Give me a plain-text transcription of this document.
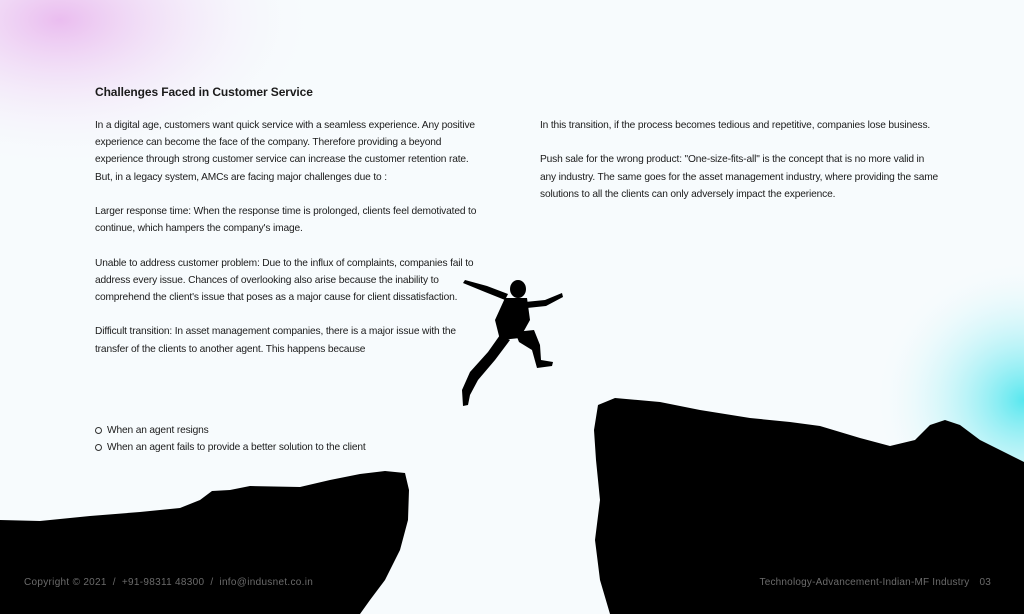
Challenges Faced in Customer Service

In a digital age, customers want quick service with a seamless experience. Any positive experience can become the face of the company. Therefore providing a beyond experience through strong customer service can increase the customer retention rate. But, in a legacy system, AMCs are facing major challenges due to :

Larger response time: When the response time is prolonged, clients feel demotivated to continue, which hampers the company's image.

Unable to address customer problem: Due to the influx of complaints, companies fail to address every issue. Chances of overlooking also arise because the inability to comprehend the client's issue that poses as a major cause for client dissatisfaction.

Difficult transition: In asset management companies, there is a major issue with the transfer of the clients to another agent. This happens because

When an agent resigns
When an agent fails to provide a better solution to the client

In this transition, if the process becomes tedious and repetitive, companies lose business.

Push sale for the wrong product: "One-size-fits-all" is the concept that is no more valid in any industry. The same goes for the asset management industry, where providing the same solutions to all the clients can only adversely impact the experience.

Copyright © 2021 / +91-98311 48300 / info@indusnet.co.in	Technology-Advancement-Indian-MF Industry 03
